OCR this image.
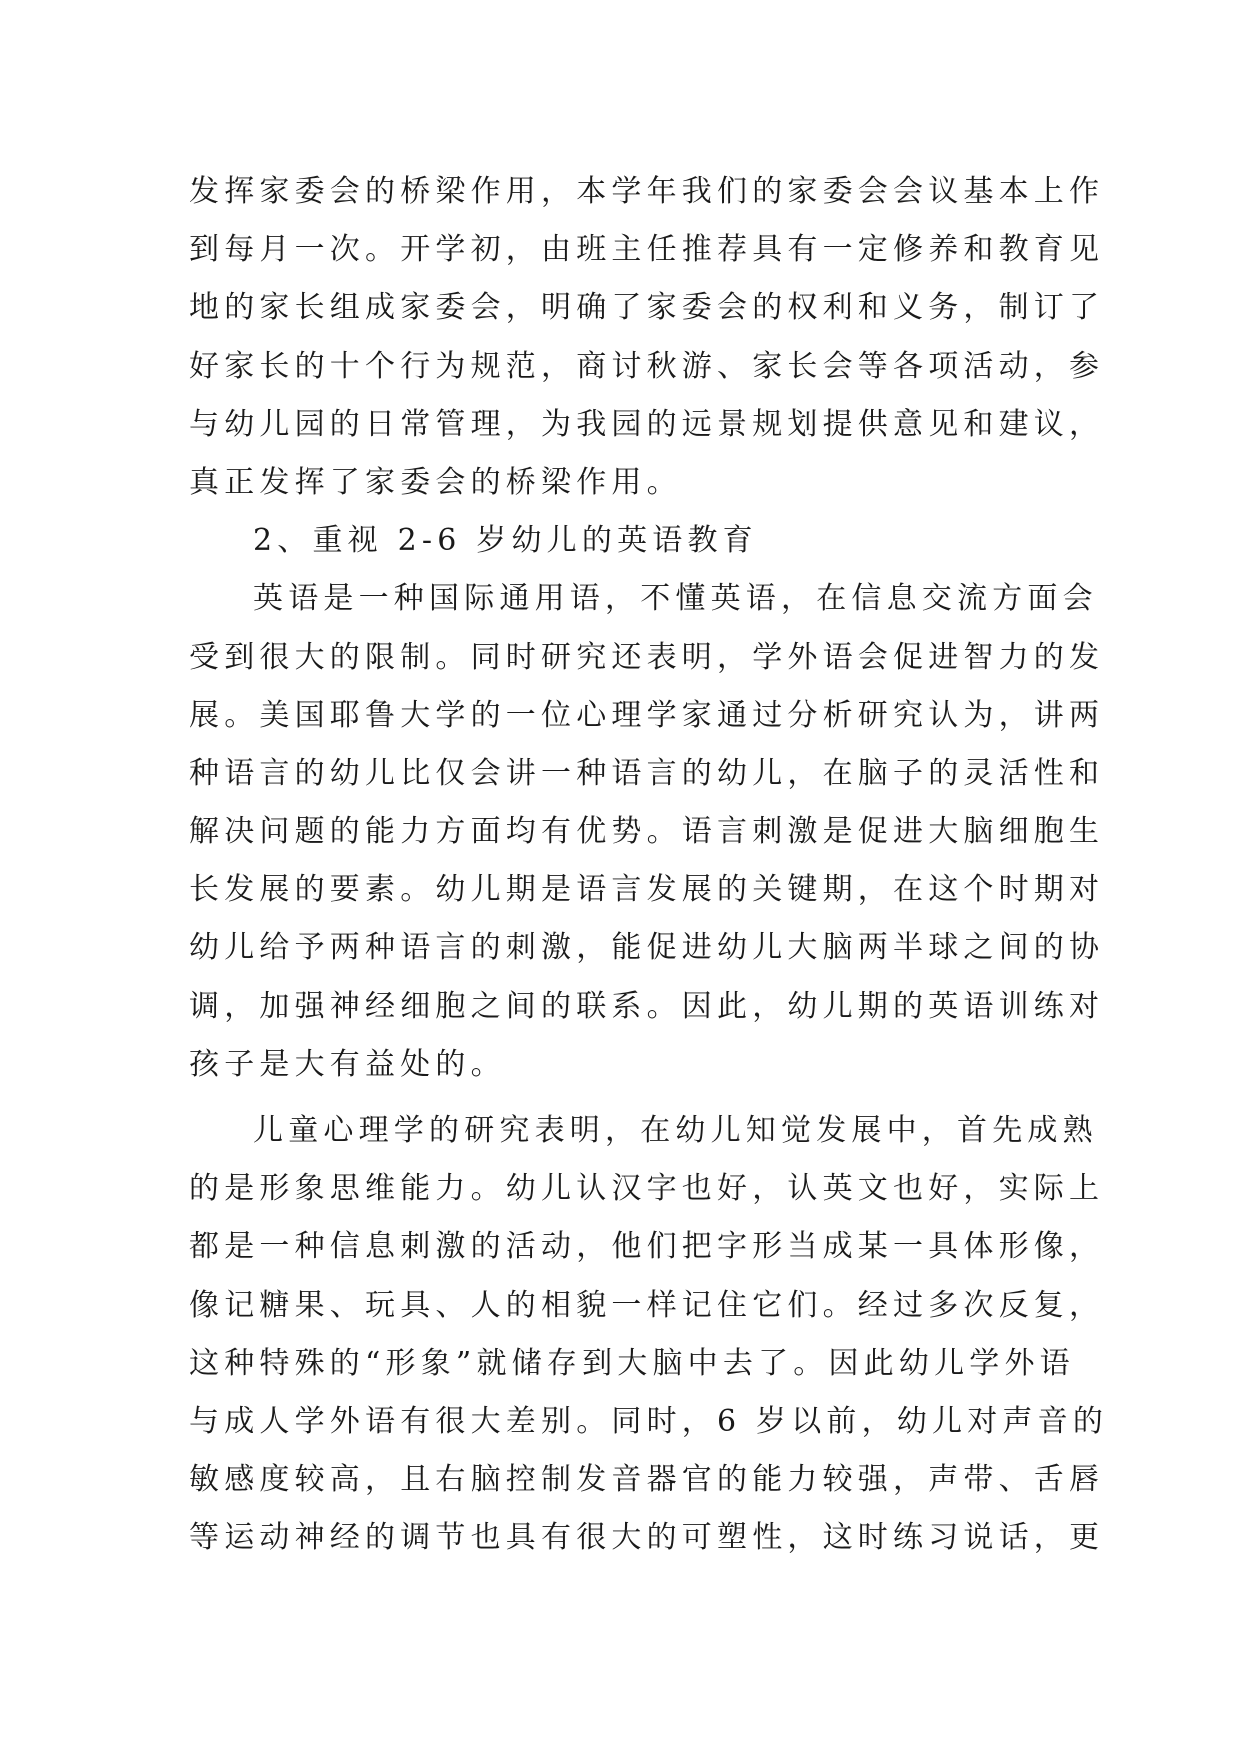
发挥家委会的桥梁作用，本学年我们的家委会会议基本上作
到每月一次。开学初，由班主任推荐具有一定修养和教育见
地的家长组成家委会，明确了家委会的权利和义务，制订了
好家长的十个行为规范，商讨秋游、家长会等各项活动，参
与幼儿园的日常管理，为我园的远景规划提供意见和建议，
真正发挥了家委会的桥梁作用。
2、重视 2-6 岁幼儿的英语教育
英语是一种国际通用语，不懂英语，在信息交流方面会
受到很大的限制。同时研究还表明，学外语会促进智力的发
展。美国耶鲁大学的一位心理学家通过分析研究认为，讲两
种语言的幼儿比仅会讲一种语言的幼儿，在脑子的灵活性和
解决问题的能力方面均有优势。语言刺激是促进大脑细胞生
长发展的要素。幼儿期是语言发展的关键期，在这个时期对
幼儿给予两种语言的刺激，能促进幼儿大脑两半球之间的协
调，加强神经细胞之间的联系。因此，幼儿期的英语训练对
孩子是大有益处的。
儿童心理学的研究表明，在幼儿知觉发展中，首先成熟
的是形象思维能力。幼儿认汉字也好，认英文也好，实际上
都是一种信息刺激的活动，他们把字形当成某一具体形像，
像记糖果、玩具、人的相貌一样记住它们。经过多次反复，
这种特殊的“形象”就储存到大脑中去了。因此幼儿学外语
与成人学外语有很大差别。同时，6 岁以前，幼儿对声音的
敏感度较高，且右脑控制发音器官的能力较强，声带、舌唇
等运动神经的调节也具有很大的可塑性，这时练习说话，更
